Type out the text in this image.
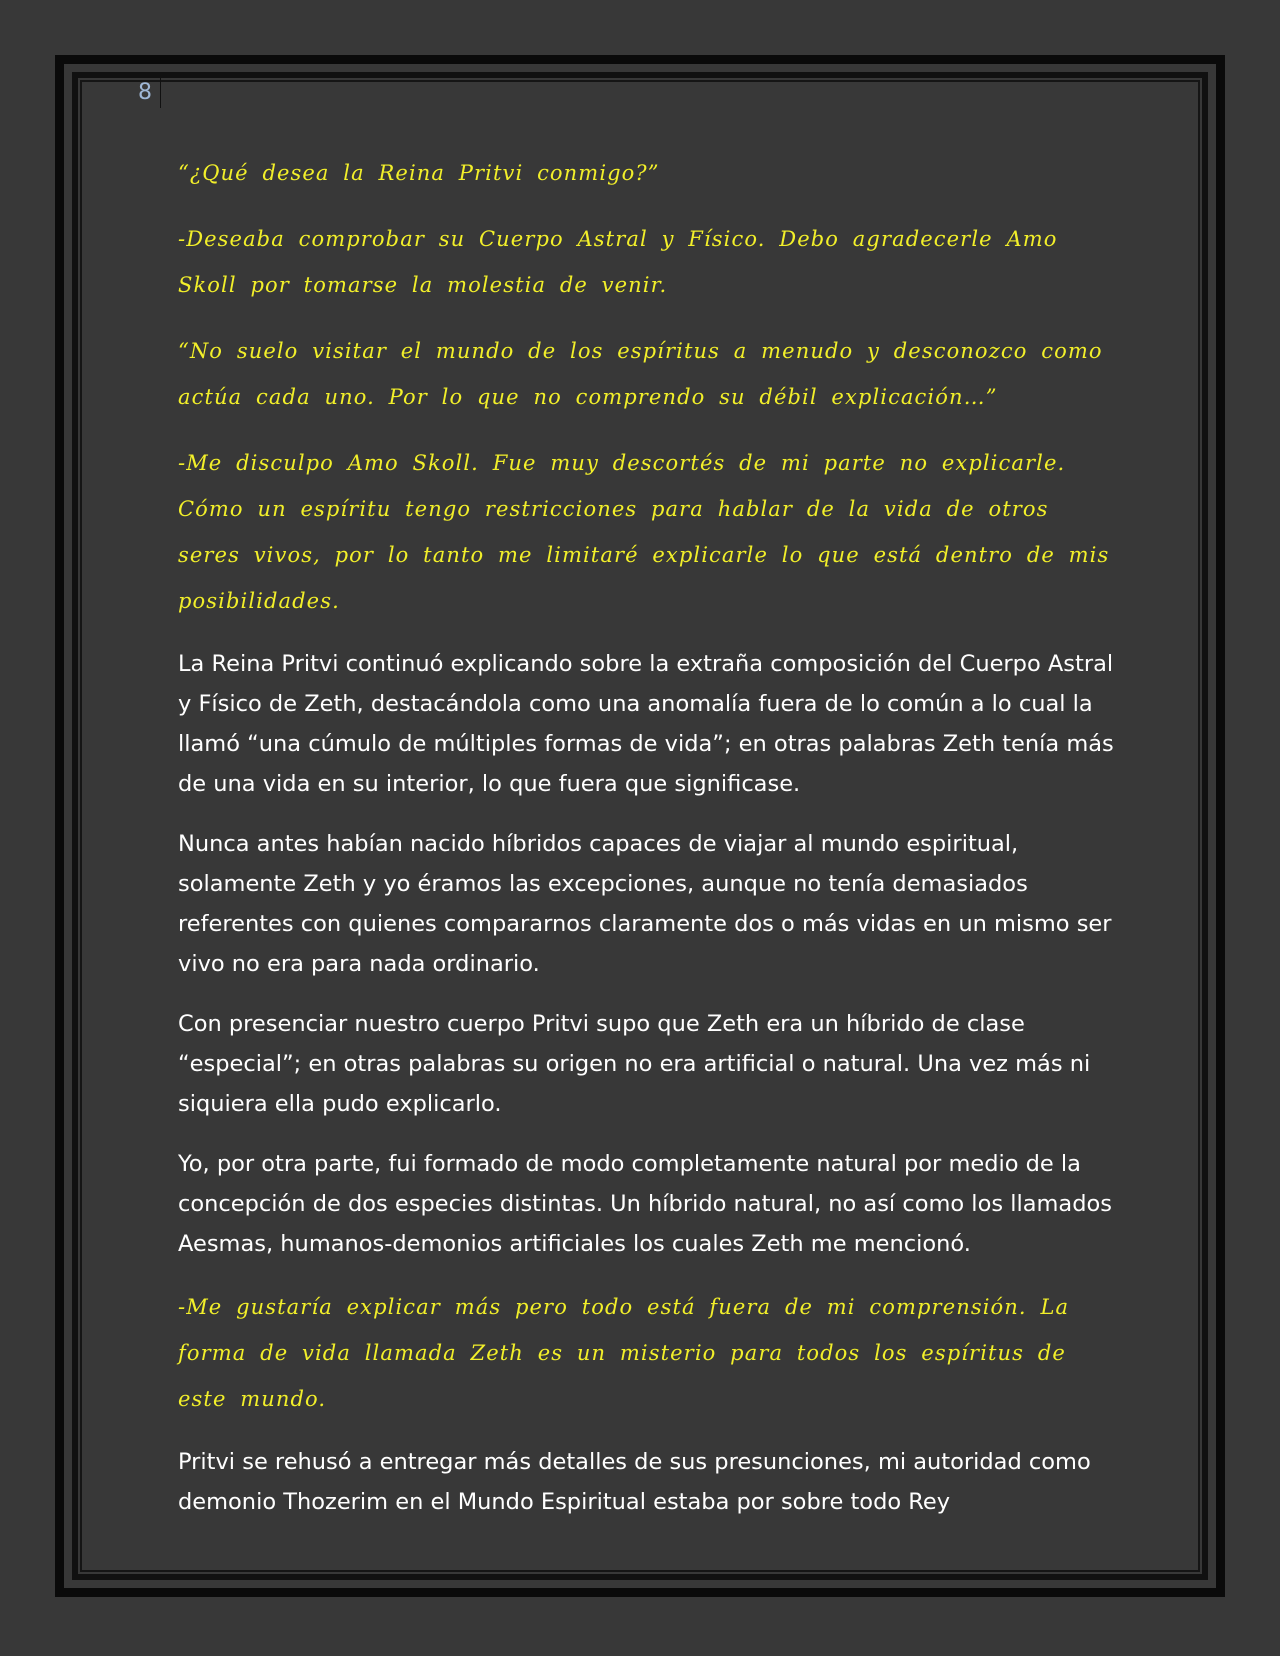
8

“¿Qué desea la Reina Pritvi conmigo?”

-Deseaba comprobar su Cuerpo Astral y Físico. Debo agradecerle Amo Skoll por tomarse la molestia de venir.

“No suelo visitar el mundo de los espíritus a menudo y desconozco como actúa cada uno. Por lo que no comprendo su débil explicación…”

-Me disculpo Amo Skoll. Fue muy descortés de mi parte no explicarle. Cómo un espíritu tengo restricciones para hablar de la vida de otros seres vivos, por lo tanto me limitaré explicarle lo que está dentro de mis posibilidades.

La Reina Pritvi continuó explicando sobre la extraña composición del Cuerpo Astral y Físico de Zeth, destacándola como una anomalía fuera de lo común a lo cual la llamó “una cúmulo de múltiples formas de vida”; en otras palabras Zeth tenía más de una vida en su interior, lo que fuera que significase.

Nunca antes habían nacido híbridos capaces de viajar al mundo espiritual, solamente Zeth y yo éramos las excepciones, aunque no tenía demasiados referentes con quienes compararnos claramente dos o más vidas en un mismo ser vivo no era para nada ordinario.

Con presenciar nuestro cuerpo Pritvi supo que Zeth era un híbrido de clase “especial”; en otras palabras su origen no era artificial o natural. Una vez más ni siquiera ella pudo explicarlo.

Yo, por otra parte, fui formado de modo completamente natural por medio de la concepción de dos especies distintas. Un híbrido natural, no así como los llamados Aesmas, humanos-demonios artificiales los cuales Zeth me mencionó.

-Me gustaría explicar más pero todo está fuera de mi comprensión. La forma de vida llamada Zeth es un misterio para todos los espíritus de este mundo.

Pritvi se rehusó a entregar más detalles de sus presunciones, mi autoridad como demonio Thozerim en el Mundo Espiritual estaba por sobre todo Rey
